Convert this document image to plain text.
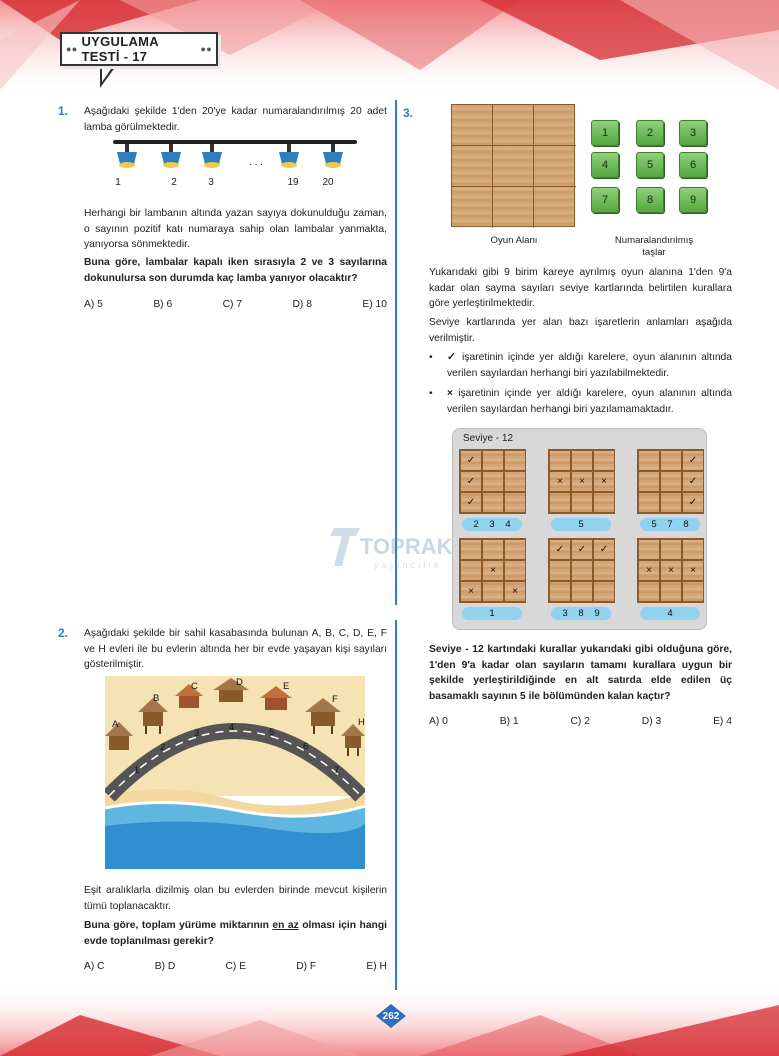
●● UYGULAMA TESTİ - 17	●●
1. Aşağıdaki şekilde 1'den 20'ye kadar numaralandırılmış 20 adet lamba görülmektedir.
. . .
1	2	3	19	20
Herhangi bir lambanın altında yazan sayıya dokunulduğu zaman, o sayının pozitif katı numaraya sahip olan lambalar yanmakta, yanıyorsa sönmektedir.
Buna göre, lambalar kapalı iken sırasıyla 2 ve 3 sayılarına dokunulursa son durumda kaç lamba yanıyor olacaktır?
A) 5	B) 6	C) 7	D) 8	E) 10
2. Aşağıdaki şekilde bir sahil kasabasında bulunan A, B, C, D, E, F ve H evleri ile bu evlerin altında her bir evde yaşayan kişi sayıları gösterilmiştir.
A
B
C	D	E
F
H
1
2
3
4	5
6
7
Eşit aralıklarla dizilmiş olan bu evlerden birinde mevcut kişilerin tümü toplanacaktır.
Buna göre, toplam yürüme miktarının en az olması için hangi evde toplanılması gerekir?
A) C	B) D	C) E	D) F	E) H
3.
1	2	3
4	5	6
7	8	9
Oyun Alanı	Numaralandırılmış taşlar
Yukarıdaki gibi 9 birim kareye ayrılmış oyun alanına 1'den 9'a kadar olan sayma sayıları seviye kartlarında belirtilen kurallara göre yerleştirilmektedir.
Seviye kartlarında yer alan bazı işaretlerin anlamları aşağıda verilmiştir.
•	✓ işaretinin içinde yer aldığı karelere, oyun alanının altında verilen sayılardan herhangi biri yazılabilmektedir.
•	× işaretinin içinde yer aldığı karelere, oyun alanının altında verilen sayılardan herhangi biri yazılamamaktadır.
Seviye - 12
✓
✓
✓
2 3 4
×	×	×
5
✓
✓
✓
5 7 8
×
×	×
1
✓	✓	✓
3 8 9
×	×	×
4
Seviye - 12 kartındaki kurallar yukarıdaki gibi olduğuna göre, 1'den 9'a kadar olan sayıların tamamı kurallara uygun bir şekilde yerleştirildiğinde en alt satırda elde edilen üç basamaklı sayının 5 ile bölümünden kalan kaçtır?
A) 0	B) 1	C) 2	D) 3	E) 4
TOPRAK
yayıncılık
262
